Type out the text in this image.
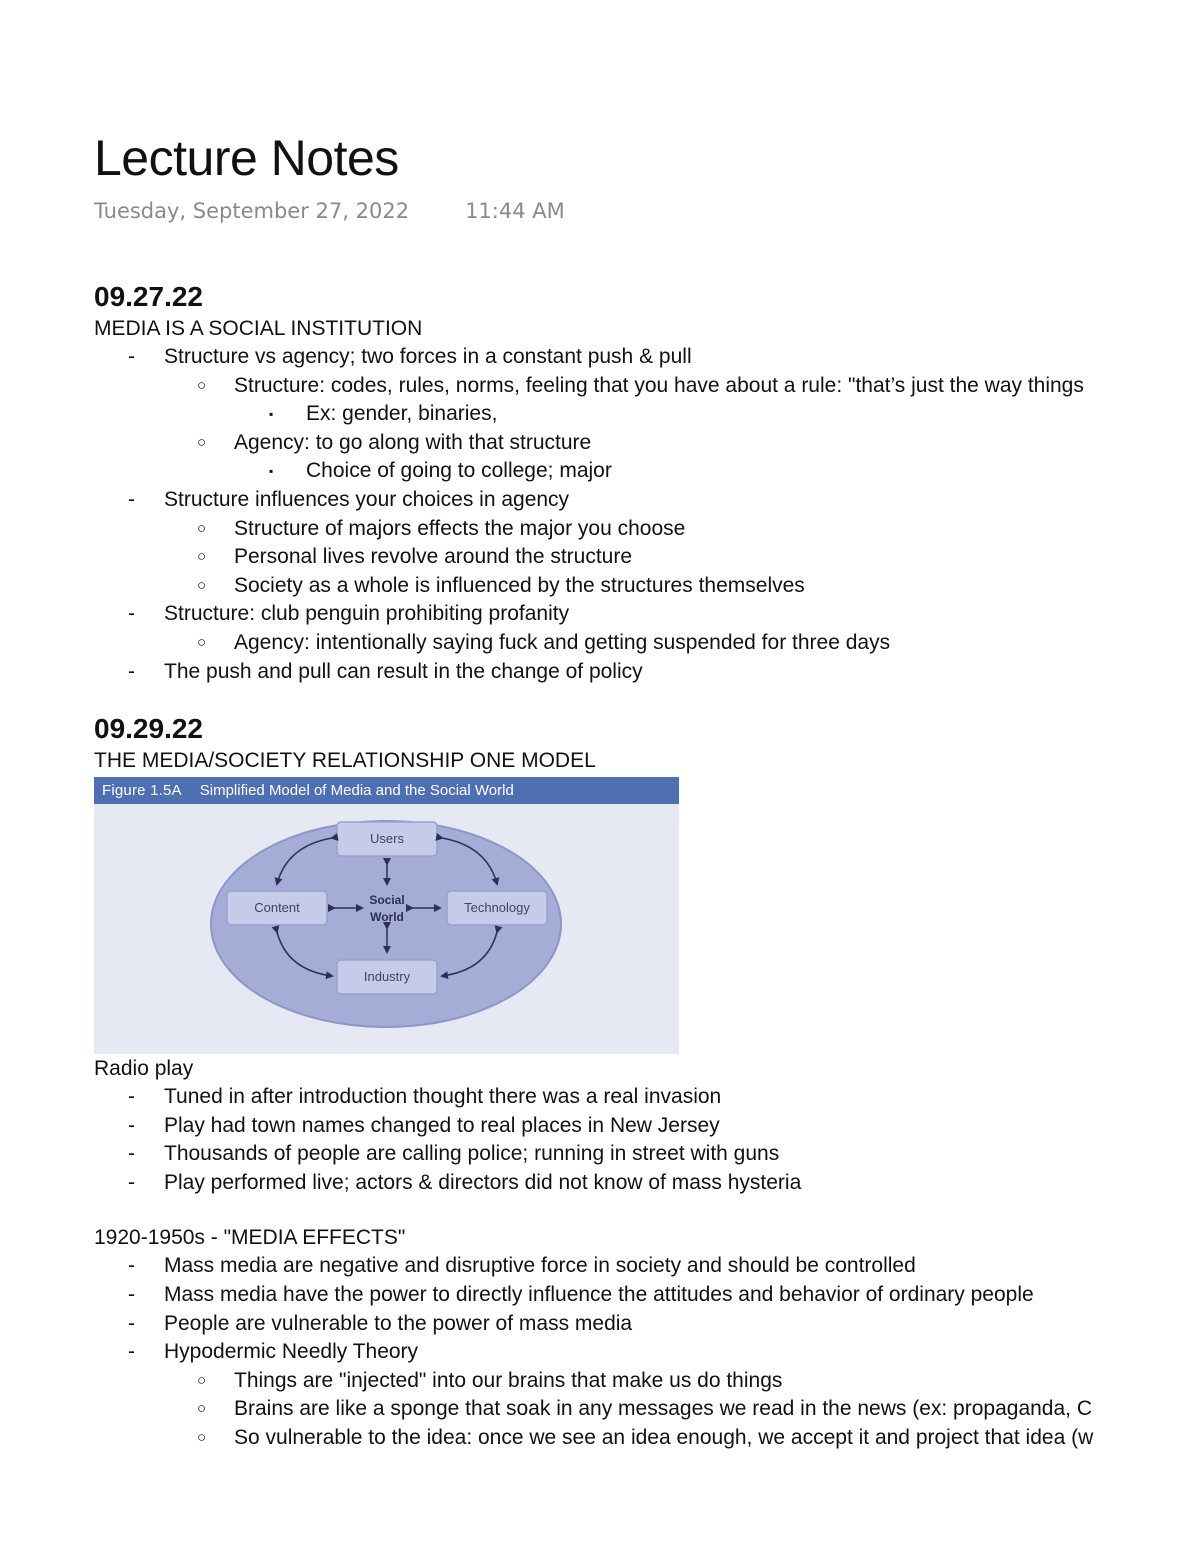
Lecture Notes
Tuesday, September 27, 2022	11:44 AM
09.27.22
MEDIA IS A SOCIAL INSTITUTION
- Structure vs agency; two forces in a constant push & pull
○ Structure: codes, rules, norms, feeling that you have about a rule: "that’s just the way things
▪ Ex: gender, binaries,
○ Agency: to go along with that structure
▪ Choice of going to college; major
- Structure influences your choices in agency
○ Structure of majors effects the major you choose
○ Personal lives revolve around the structure
○ Society as a whole is influenced by the structures themselves
- Structure: club penguin prohibiting profanity
○ Agency: intentionally saying fuck and getting suspended for three days
- The push and pull can result in the change of policy
09.29.22
THE MEDIA/SOCIETY RELATIONSHIP ONE MODEL
Figure 1.5A Simplified Model of Media and the Social World
Users
Content	Technology
Industry
Social
World
Radio play
- Tuned in after introduction thought there was a real invasion
- Play had town names changed to real places in New Jersey
- Thousands of people are calling police; running in street with guns
- Play performed live; actors & directors did not know of mass hysteria
1920-1950s - "MEDIA EFFECTS"
- Mass media are negative and disruptive force in society and should be controlled
- Mass media have the power to directly influence the attitudes and behavior of ordinary people
- People are vulnerable to the power of mass media
- Hypodermic Needly Theory
○ Things are "injected" into our brains that make us do things
○ Brains are like a sponge that soak in any messages we read in the news (ex: propaganda, C
○ So vulnerable to the idea: once we see an idea enough, we accept it and project that idea (w
